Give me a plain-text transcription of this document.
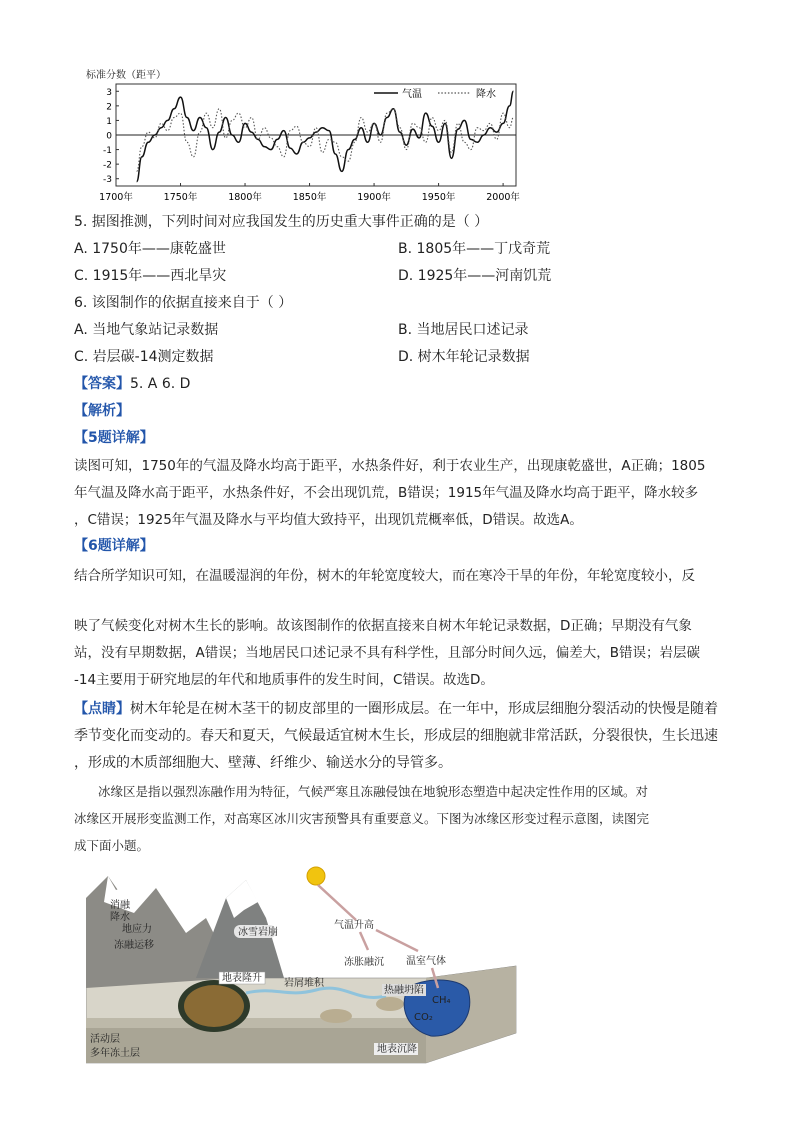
标准分数（距平）
3
2
1
0
-1
-2
-3
1700年	1750年	1800年	1850年	1900年	1950年	2000年
气温	降水
5. 据图推测，下列时间对应我国发生的历史重大事件正确的是（ ）
A. 1750年——康乾盛世	B. 1805年——丁戊奇荒
C. 1915年——西北旱灾	D. 1925年——河南饥荒
6. 该图制作的依据直接来自于（ ）
A. 当地气象站记录数据	B. 当地居民口述记录
C. 岩层碳-14测定数据	D. 树木年轮记录数据
【答案】5. A 6. D
【解析】
【5题详解】
读图可知，1750年的气温及降水均高于距平，水热条件好，利于农业生产，出现康乾盛世，A正确；1805
年气温及降水高于距平，水热条件好，不会出现饥荒，B错误；1915年气温及降水均高于距平，降水较多
，C错误；1925年气温及降水与平均值大致持平，出现饥荒概率低，D错误。故选A。
【6题详解】
结合所学知识可知，在温暖湿润的年份，树木的年轮宽度较大，而在寒冷干旱的年份，年轮宽度较小，反
映了气候变化对树木生长的影响。故该图制作的依据直接来自树木年轮记录数据，D正确；早期没有气象
站，没有早期数据，A错误；当地居民口述记录不具有科学性，且部分时间久远，偏差大，B错误；岩层碳
-14主要用于研究地层的年代和地质事件的发生时间，C错误。故选D。
【点睛】树木年轮是在树木茎干的韧皮部里的一圈形成层。在一年中，形成层细胞分裂活动的快慢是随着
季节变化而变动的。春天和夏天，气候最适宜树木生长，形成层的细胞就非常活跃，分裂很快，生长迅速
，形成的木质部细胞大、壁薄、纤维少、输送水分的导管多。
冰缘区是指以强烈冻融作用为特征，气候严寒且冻融侵蚀在地貌形态塑造中起决定性作用的区域。对
冰缘区开展形变监测工作，对高寒区冰川灾害预警具有重要意义。下图为冰缘区形变过程示意图，读图完
成下面小题。
消融
降水
地应力
冻融运移
冰雪岩崩
气温升高
温室气体
冻胀融沉
地表隆升 岩屑堆积
热融坍陷
CH₄
CO₂
地表沉降
活动层
多年冻土层
